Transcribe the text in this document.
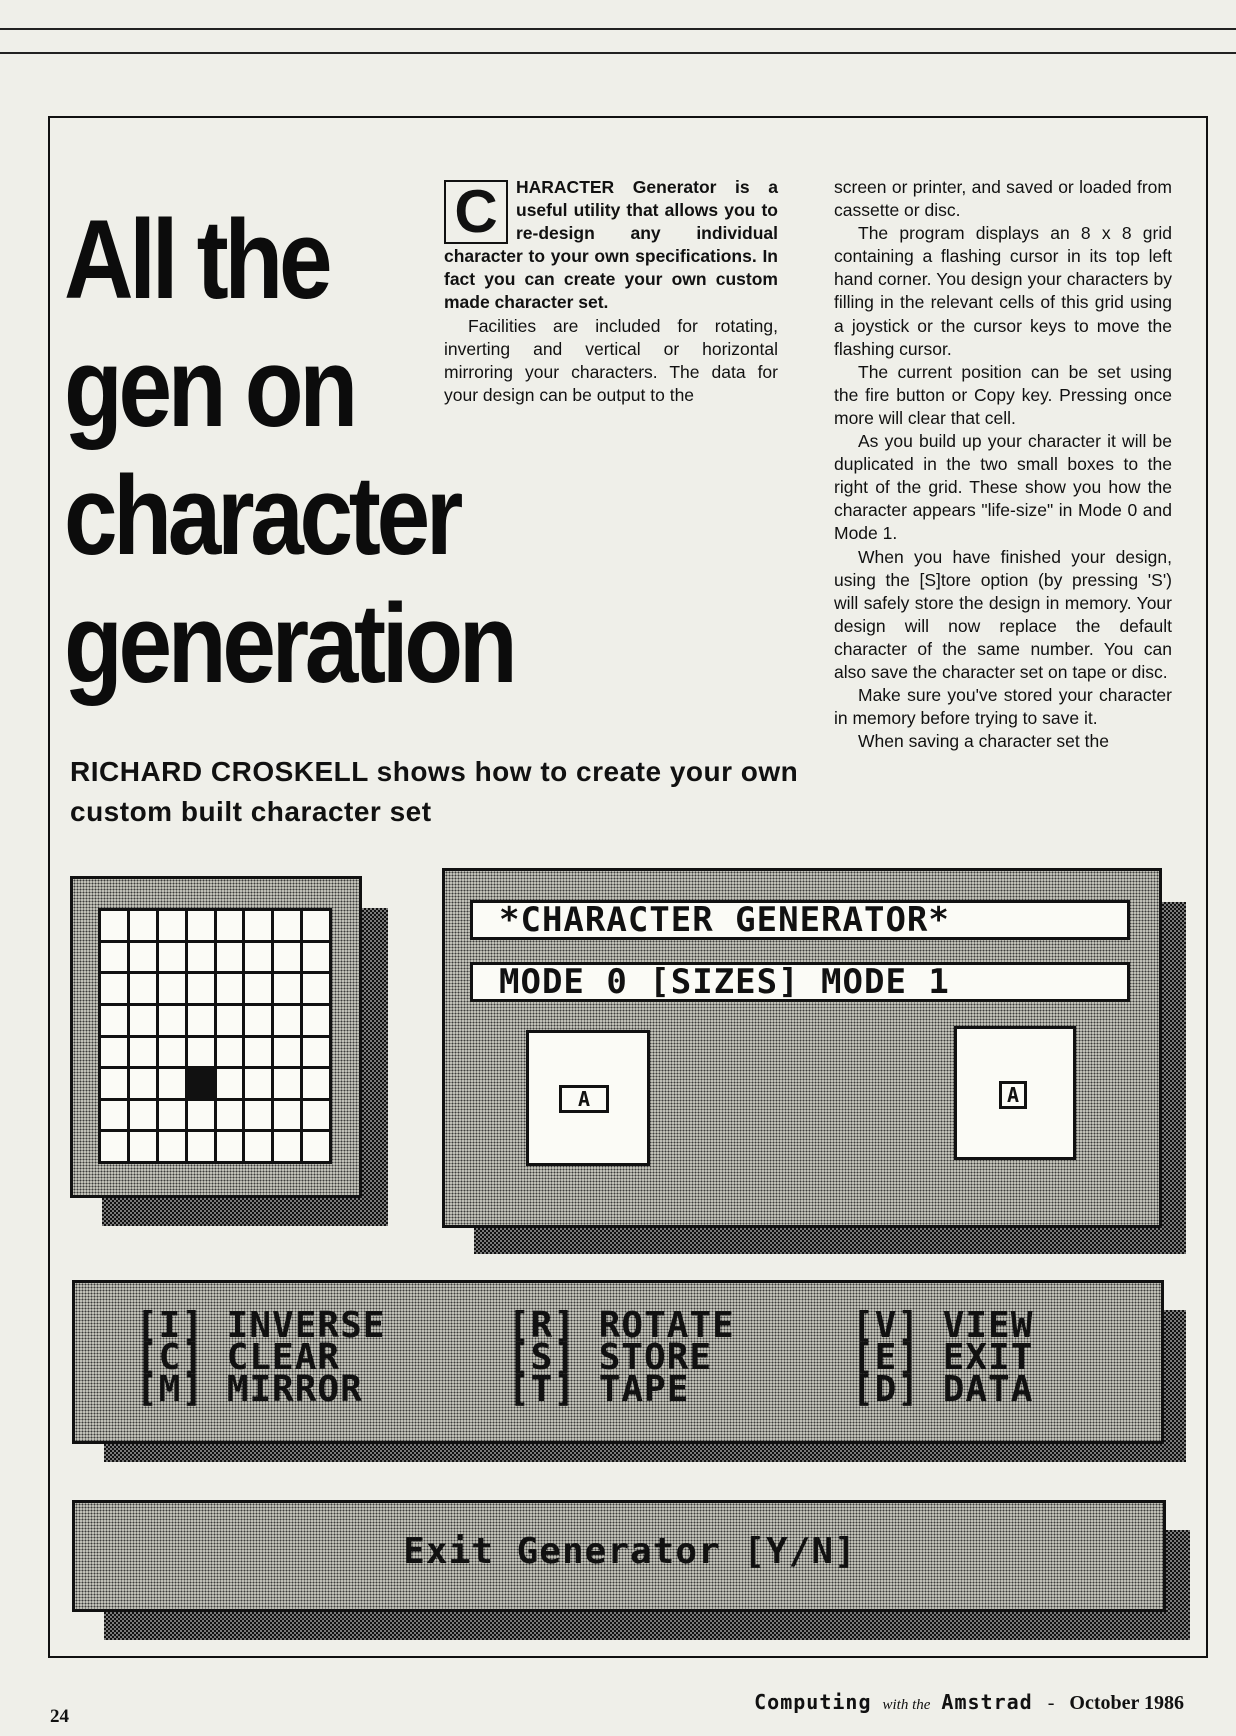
All the
gen on
character
generation

RICHARD CROSKELL shows how to create your own custom built character set

C	HARACTER Generator is a useful utility that allows you to re-design any individual character to your own specifications. In fact you can create your own custom made character set.

Facilities are included for rotating, inverting and vertical or horizontal mirroring your characters. The data for your design can be output to the

screen or printer, and saved or loaded from cassette or disc.

The program displays an 8 x 8 grid containing a flashing cursor in its top left hand corner. You design your characters by filling in the relevant cells of this grid using a joystick or the cursor keys to move the flashing cursor.

The current position can be set using the fire button or Copy key. Pressing once more will clear that cell.

As you build up your character it will be duplicated in the two small boxes to the right of the grid. These show you how the character appears "life-size" in Mode 0 and Mode 1.

When you have finished your design, using the [S]tore option (by pressing 'S') will safely store the design in memory. Your design will now replace the default character of the same number. You can also save the character set on tape or disc.

Make sure you've stored your character in memory before trying to save it.

When saving a character set the

*CHARACTER GENERATOR*
MODE 0 [SIZES] MODE 1
A	A
[I] INVERSE
[C] CLEAR
[M] MIRROR
[R] ROTATE
[S] STORE
[T] TAPE
[V] VIEW
[E] EXIT
[D] DATA
Exit Generator [Y/N]
24
Computing with the Amstrad - October 1986
